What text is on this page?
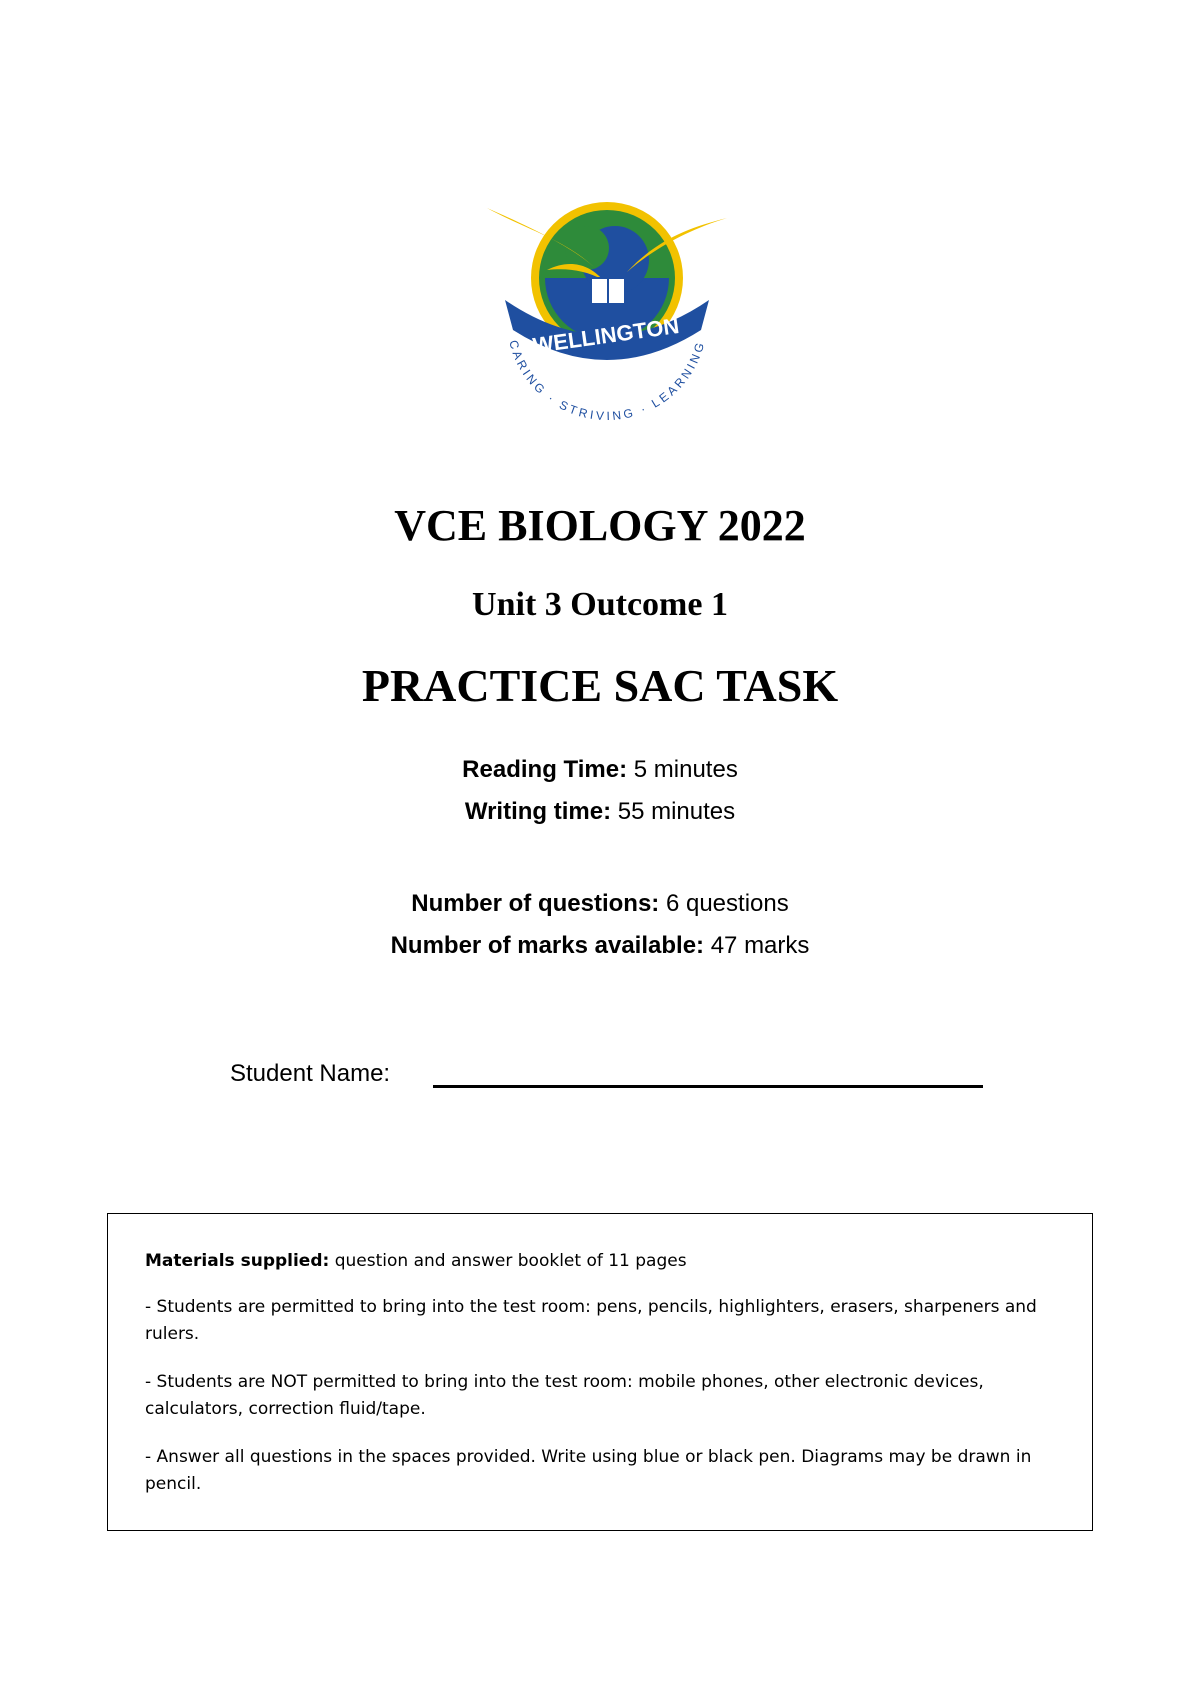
WELLINGTON
CARING · STRIVING · LEARNING
VCE BIOLOGY 2022
Unit 3 Outcome 1
PRACTICE SAC TASK
Reading Time: 5 minutes
Writing time: 55 minutes
Number of questions: 6 questions
Number of marks available: 47 marks
Student Name:

Materials supplied: question and answer booklet of 11 pages

- Students are permitted to bring into the test room: pens, pencils, highlighters, erasers, sharpeners and rulers.

- Students are NOT permitted to bring into the test room: mobile phones, other electronic devices, calculators, correction fluid/tape.

- Answer all questions in the spaces provided. Write using blue or black pen. Diagrams may be drawn in pencil.
